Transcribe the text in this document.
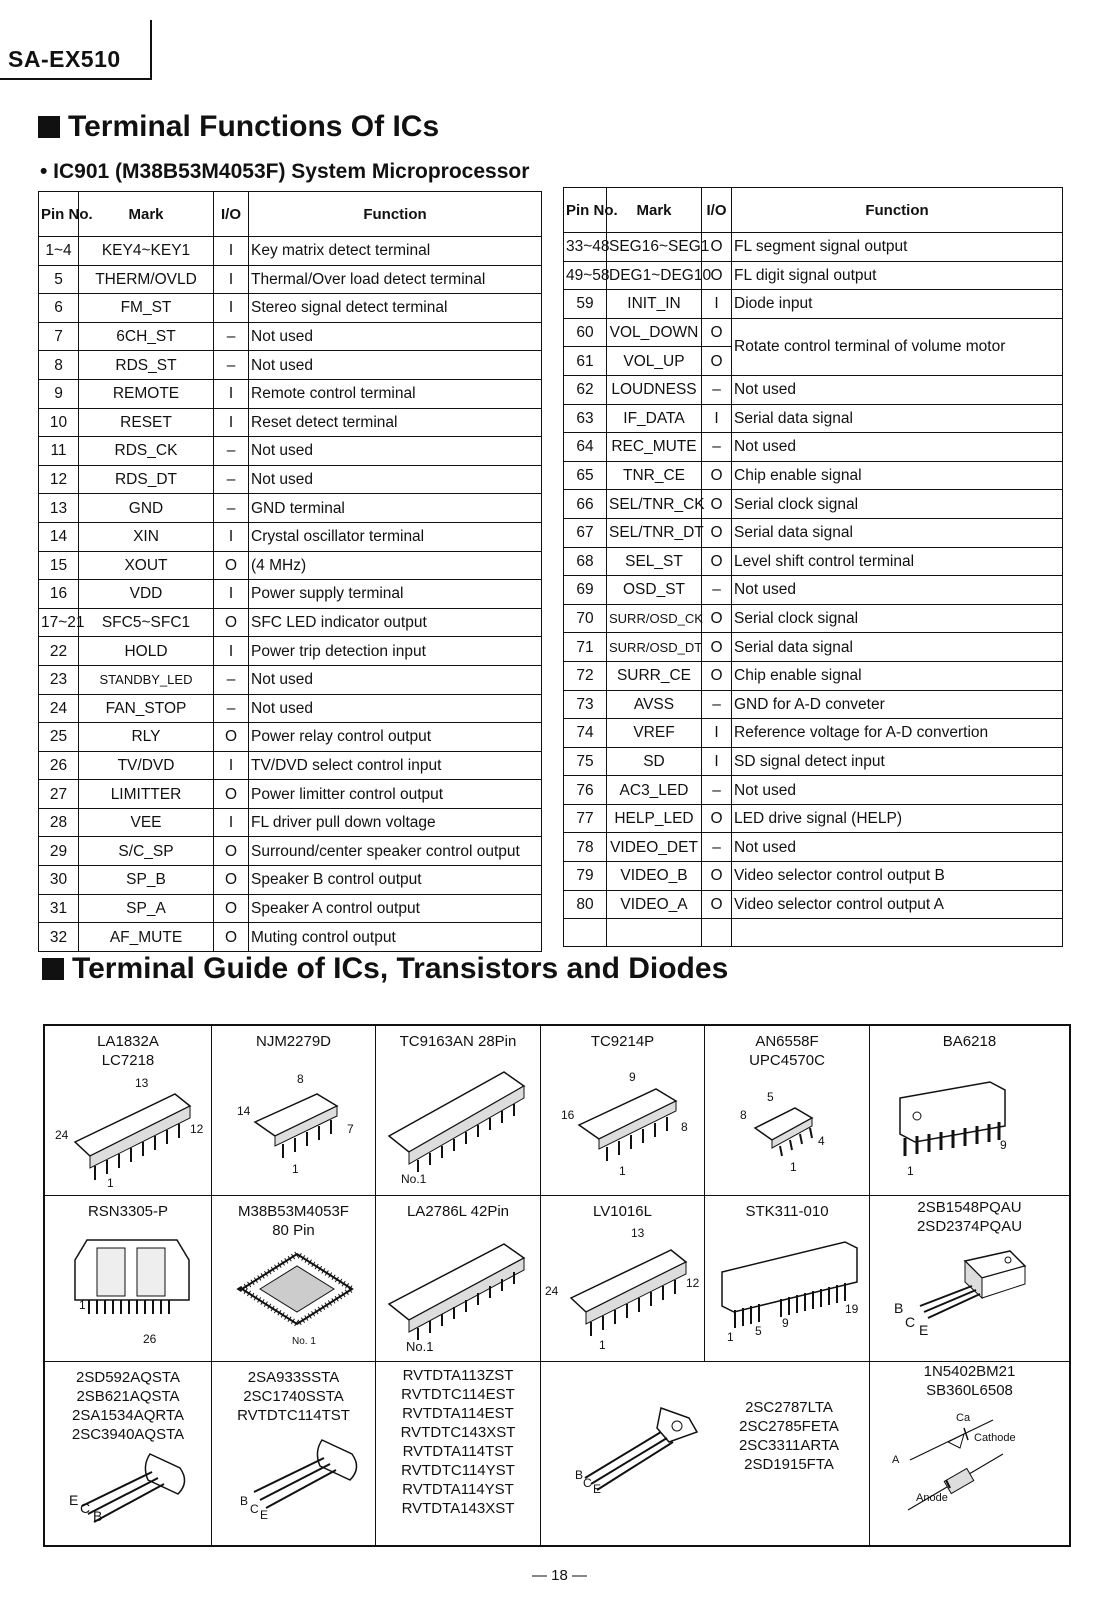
SA-EX510
Terminal Functions Of ICs
• IC901 (M38B53M4053F) System Microprocessor
Pin No.	Mark	I/O	Function
1~4	KEY4~KEY1	I	Key matrix detect terminal
5	THERM/OVLD	I	Thermal/Over load detect terminal
6	FM_ST	I	Stereo signal detect terminal
7	6CH_ST	–	Not used
8	RDS_ST	–	Not used
9	REMOTE	I	Remote control terminal
10	RESET	I	Reset detect terminal
11	RDS_CK	–	Not used
12	RDS_DT	–	Not used
13	GND	–	GND terminal
14	XIN	I	Crystal oscillator terminal
15	XOUT	O	(4 MHz)
16	VDD	I	Power supply terminal
17~21	SFC5~SFC1	O	SFC LED indicator output
22	HOLD	I	Power trip detection input
23	STANDBY_LED	–	Not used
24	FAN_STOP	–	Not used
25	RLY	O	Power relay control output
26	TV/DVD	I	TV/DVD select control input
27	LIMITTER	O	Power limitter control output
28	VEE	I	FL driver pull down voltage
29	S/C_SP	O	Surround/center speaker control output
30	SP_B	O	Speaker B control output
31	SP_A	O	Speaker A control output
32	AF_MUTE	O	Muting control output
Pin No.	Mark	I/O	Function
33~48	SEG16~SEG1	O	FL segment signal output
49~58	DEG1~DEG10	O	FL digit signal output
59	INIT_IN	I	Diode input
60	VOL_DOWN	O	Rotate control terminal of volume motor
61	VOL_UP	O	
62	LOUDNESS	–	Not used
63	IF_DATA	I	Serial data signal
64	REC_MUTE	–	Not used
65	TNR_CE	O	Chip enable signal
66	SEL/TNR_CK	O	Serial clock signal
67	SEL/TNR_DT	O	Serial data signal
68	SEL_ST	O	Level shift control terminal
69	OSD_ST	–	Not used
70	SURR/OSD_CK	O	Serial clock signal
71	SURR/OSD_DT	O	Serial data signal
72	SURR_CE	O	Chip enable signal
73	AVSS	–	GND for A-D conveter
74	VREF	I	Reference voltage for A-D convertion
75	SD	I	SD signal detect input
76	AC3_LED	–	Not used
77	HELP_LED	O	LED drive signal (HELP)
78	VIDEO_DET	–	Not used
79	VIDEO_B	O	Video selector control output B
80	VIDEO_A	O	Video selector control output A

Terminal Guide of ICs, Transistors and Diodes
LA1832A
LC7218
13
24	12
1
NJM2279D
8
14
7
1
TC9163AN 28Pin
No.1
TC9214P
9
16
8
1
AN6558F
UPC4570C
5
8
4
1
BA6218
9
1
RSN3305-P
1
26
M38B53M4053F
80 Pin
No. 1
LA2786L 42Pin
No.1
LV1016L
13
24
12
1
STK311-010
1 5
9
19
2SB1548PQAU
2SD2374PQAU
B
C E
2SD592AQSTA
2SB621AQSTA
2SA1534AQRTA
2SC3940AQSTA
E C B
2SA933SSTA
2SC1740SSTA
RVTDTC114TST
B
C E
RVTDTA113ZST
RVTDTC114EST
RVTDTA114EST
RVTDTC143XST
RVTDTA114TST
RVTDTC114YST
RVTDTA114YST
RVTDTA143XST
B
C E
2SC2787LTA
2SC2785FETA
2SC3311ARTA
2SD1915FTA
1N5402BM21
SB360L6508
Ca
Cathode
A
Anode
— 18 —
